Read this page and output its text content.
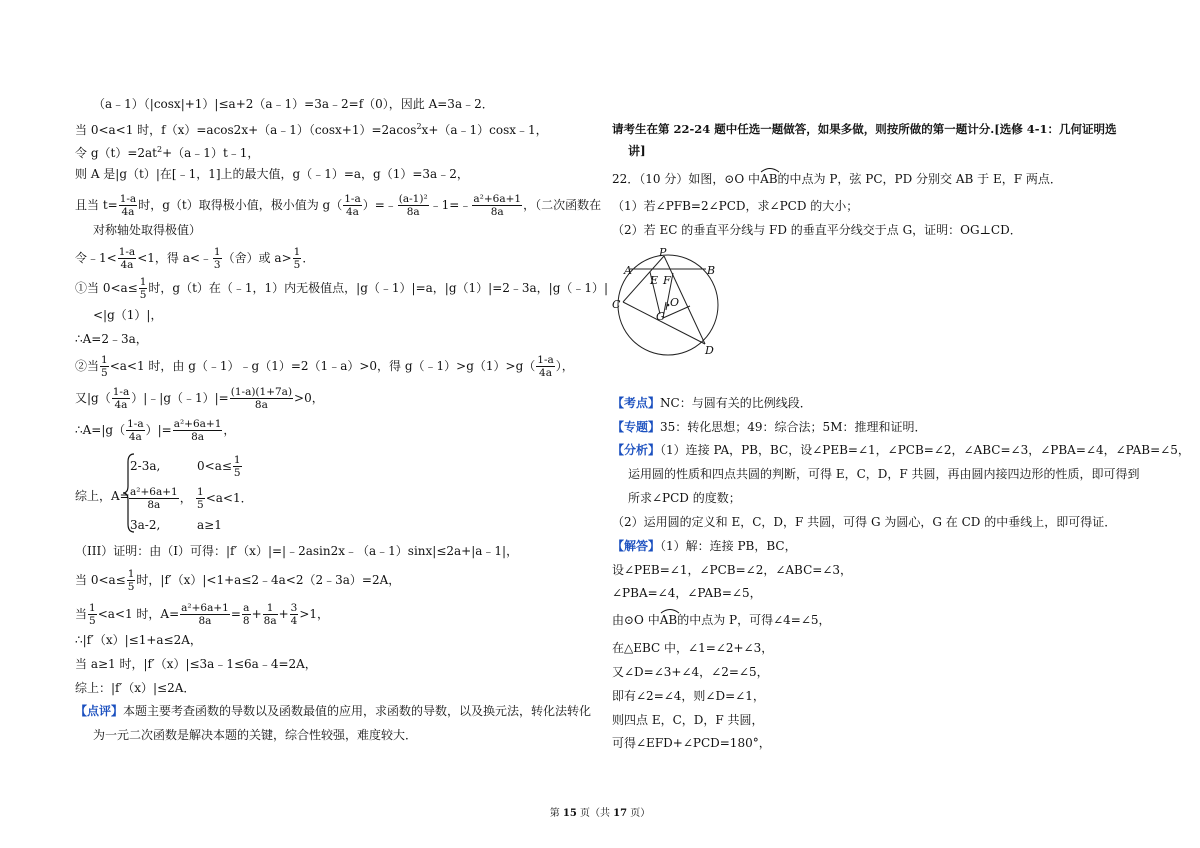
（a﹣1）（|cosx|+1）|≤a+2（a﹣1）=3a﹣2=f（0），因此 A=3a﹣2．
当 0<a<1 时，f（x）=acos2x+（a﹣1）（cosx+1）=2acos$^2$x+（a﹣1）cosx﹣1，
令 $g(t)=2at^2+(a﹣1)t﹣1$，
则 A 是|g（t）|在[﹣1，1]上的最大值，g（﹣1）=a，g（1）=3a﹣2，
且当 $t= \frac{1-a}{4a}$ 时，g（t）取得极小值，极小值为 $g( \frac{1-a}{4a}$ ）=﹣ $\frac{\text{(a-1)²}}{8a}$ ﹣1=﹣ $\frac{\text{a²+6a+1}}{8a}$ ，（二次函数在
对称轴处取得极值）
令﹣1< $\frac{1-a}{4a} <1$，得 a<﹣ $\frac{1}{3}$ （舍）或 $a> \frac{1}{5}$ ．
①当 $0<a\le \frac{1}{5}$ 时，g（t）在（﹣1，1）内无极值点，|g（﹣1）|=a，|g（1）|=2﹣3a，|g（﹣1）|
<|g（1）|，
∴A=2﹣3a，
②当 $\frac{1}{5} <a<1$ 时，由 g（﹣1）﹣g（1）=2（1﹣a）>0，得 g（﹣1）>g（1）>g（ $\frac{1-a}{4a}$ ），
又$|g( \frac{1-a}{4a}$ ）|﹣|g（﹣1）|= $\frac{(1-a)(1+7a)}{8a} >0$，
∴A=|g（ $\frac{1-a}{4a}$ ）|= $\frac{\text{a²+6a+1}}{8a}$ ，
综上，A=
2-3a,	$0<a\le \frac{1}{5}$
$\frac{\text{a²+6a+1}}{8a}$ ， $\frac{1}{5} <a<1$．
3a-2,	a≥1
（III）证明：由（I）可得：|f′（x）|=|﹣2asin2x﹣（a﹣1）sinx|≤2a+|a﹣1|，
当 $0<a\le \frac{1}{5}$ 时，|f′（x）|<1+a≤2﹣4a<2（2﹣3a）=2A，
当 $\frac{1}{5} <a<1$ 时，$A= \frac{\text{a²+6a+1}}{8a} = \frac{a}{8} + \frac{1}{8a} + \frac{3}{4} >1$，
∴|f′（x）|≤1+a≤2A，
当 a≥1 时，|f′（x）|≤3a﹣1≤6a﹣4=2A，
综上：|f′（x）|≤2A．
【点评】本题主要考查函数的导数以及函数最值的应用，求函数的导数，以及换元法，转化法转化
为一元二次函数是解决本题的关键，综合性较强，难度较大．
请考生在第 22-24 题中任选一题做答，如果多做，则按所做的第一题计分.[选修 4-1：几何证明选
讲]
22．（10 分）如图，⊙O 中
AB的中点为 P，弦 PC，PD 分别交 AB 于 E，F 两点．
（1）若∠PFB=2∠PCD，求∠PCD 的大小；
（2）若 EC 的垂直平分线与 FD 的垂直平分线交于点 G，证明：OG⊥CD．
A
P
B
E F
C	O
G
D
【考点】NC：与圆有关的比例线段．
【专题】35：转化思想；49：综合法；5M：推理和证明．
【分析】（1）连接 PA，PB，BC，设∠PEB=∠1，∠PCB=∠2，∠ABC=∠3，∠PBA=∠4，∠PAB=∠5，
运用圆的性质和四点共圆的判断，可得 E，C，D，F 共圆，再由圆内接四边形的性质，即可得到
所求∠PCD 的度数；
（2）运用圆的定义和 E，C，D，F 共圆，可得 G 为圆心，G 在 CD 的中垂线上，即可得证．
【解答】（1）解：连接 PB，BC，
设∠PEB=∠1，∠PCB=∠2，∠ABC=∠3，
∠PBA=∠4，∠PAB=∠5，
由⊙O 中
AB的中点为 P，可得∠4=∠5，
在△EBC 中，∠1=∠2+∠3，
又∠D=∠3+∠4，∠2=∠5，
即有∠2=∠4，则∠D=∠1，
则四点 E，C，D，F 共圆，
可得∠EFD+∠PCD=180°，
第 15 页（共 17 页）
